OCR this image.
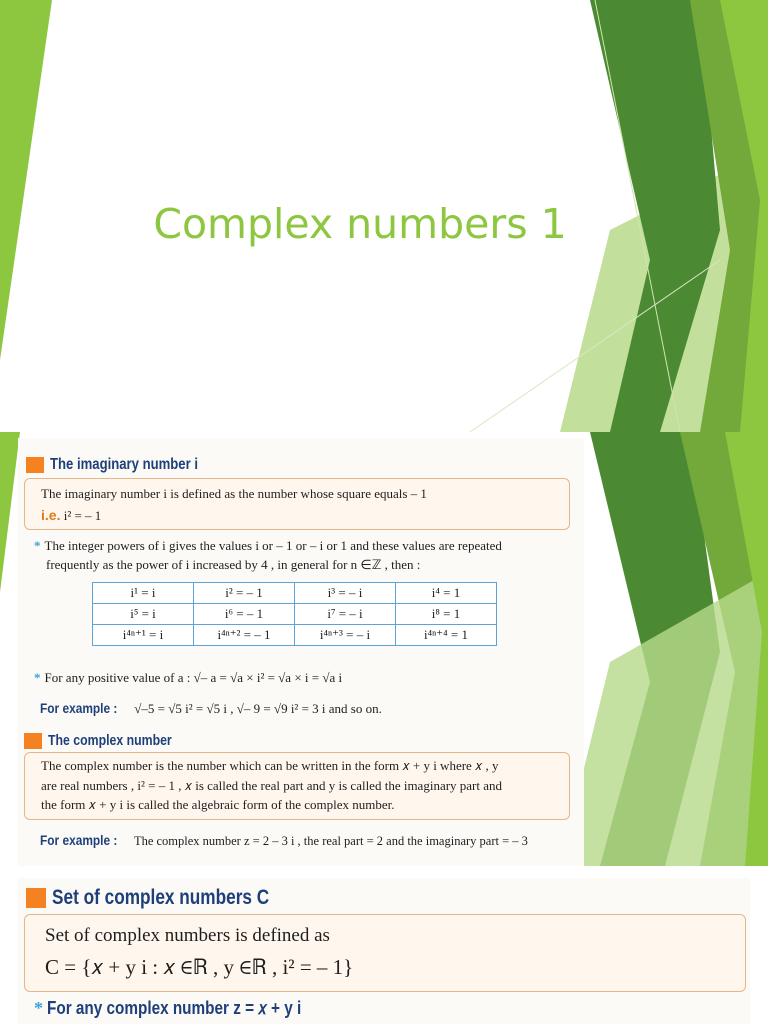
Complex numbers 1
The imaginary number i
The imaginary number i is defined as the number whose square equals – 1
i.e. i² = – 1
* The integer powers of i gives the values i or – 1 or – i or 1 and these values are repeated
frequently as the power of i increased by 4 , in general for n ∈ℤ , then :
i¹ = i	i² = – 1	i³ = – i	i⁴ = 1
i⁵ = i	i⁶ = – 1	i⁷ = – i	i⁸ = 1
i⁴ⁿ⁺¹ = i	i⁴ⁿ⁺² = – 1	i⁴ⁿ⁺³ = – i	i⁴ⁿ⁺⁴ = 1
* For any positive value of a : √– a = √a × i² = √a × i = √a i
For example : √–5 = √5 i² = √5 i , √– 9 = √9 i² = 3 i and so on.
The complex number
The complex number is the number which can be written in the form 𝑥 + y i where 𝑥 , y
are real numbers , i² = – 1 , 𝑥 is called the real part and y is called the imaginary part and
the form 𝑥 + y i is called the algebraic form of the complex number.
For example : The complex number z = 2 – 3 i , the real part = 2 and the imaginary part = – 3
Set of complex numbers C
Set of complex numbers is defined as
C = {𝑥 + y i : 𝑥 ∈ℝ , y ∈ℝ , i² = – 1}
* For any complex number z = 𝑥 + y i
